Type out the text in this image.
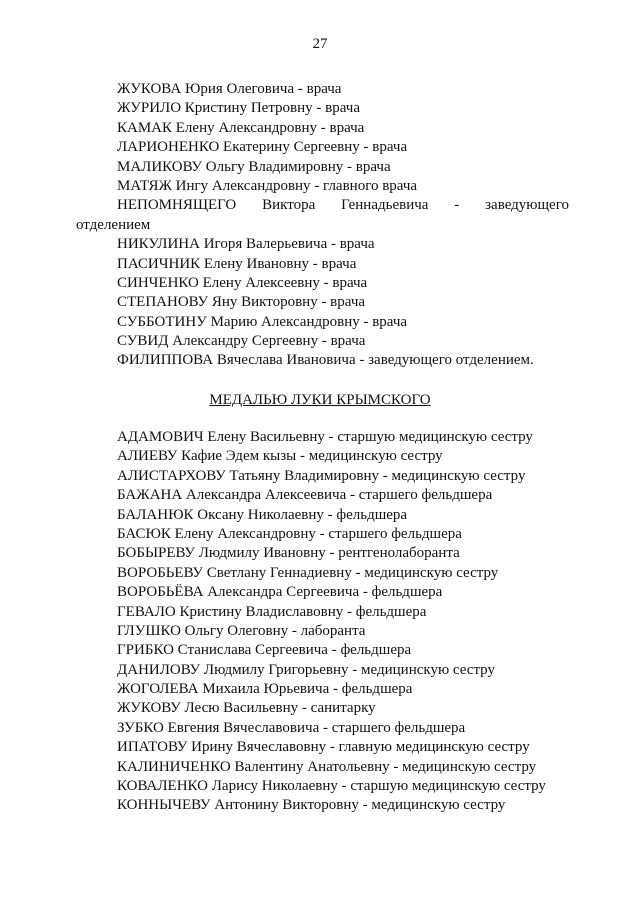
27
ЖУКОВА Юрия Олеговича - врача
ЖУРИЛО Кристину Петровну - врача
КАМАК Елену Александровну - врача
ЛАРИОНЕНКО Екатерину Сергеевну - врача
МАЛИКОВУ Ольгу Владимировну - врача
МАТЯЖ Ингу Александровну - главного врача
НЕПОМНЯЩЕГО Виктора Геннадьевича - заведующего
отделением
НИКУЛИНА Игоря Валерьевича - врача
ПАСИЧНИК Елену Ивановну - врача
СИНЧЕНКО Елену Алексеевну - врача
СТЕПАНОВУ Яну Викторовну - врача
СУББОТИНУ Марию Александровну - врача
СУВИД Александру Сергеевну - врача
ФИЛИППОВА Вячеслава Ивановича - заведующего отделением.
МЕДАЛЬЮ ЛУКИ КРЫМСКОГО
АДАМОВИЧ Елену Васильевну - старшую медицинскую сестру
АЛИЕВУ Кафие Эдем кызы - медицинскую сестру
АЛИСТАРХОВУ Татьяну Владимировну - медицинскую сестру
БАЖАНА Александра Алексеевича - старшего фельдшера
БАЛАНЮК Оксану Николаевну - фельдшера
БАСЮК Елену Александровну - старшего фельдшера
БОБЫРЕВУ Людмилу Ивановну - рентгенолаборанта
ВОРОБЬЕВУ Светлану Геннадиевну - медицинскую сестру
ВОРОБЬЁВА Александра Сергеевича - фельдшера
ГЕВАЛО Кристину Владиславовну - фельдшера
ГЛУШКО Ольгу Олеговну - лаборанта
ГРИБКО Станислава Сергеевича - фельдшера
ДАНИЛОВУ Людмилу Григорьевну - медицинскую сестру
ЖОГОЛЕВА Михаила Юрьевича - фельдшера
ЖУКОВУ Лесю Васильевну - санитарку
ЗУБКО Евгения Вячеславовича - старшего фельдшера
ИПАТОВУ Ирину Вячеславовну - главную медицинскую сестру
КАЛИНИЧЕНКО Валентину Анатольевну - медицинскую сестру
КОВАЛЕНКО Ларису Николаевну - старшую медицинскую сестру
КОННЫЧЕВУ Антонину Викторовну - медицинскую сестру
